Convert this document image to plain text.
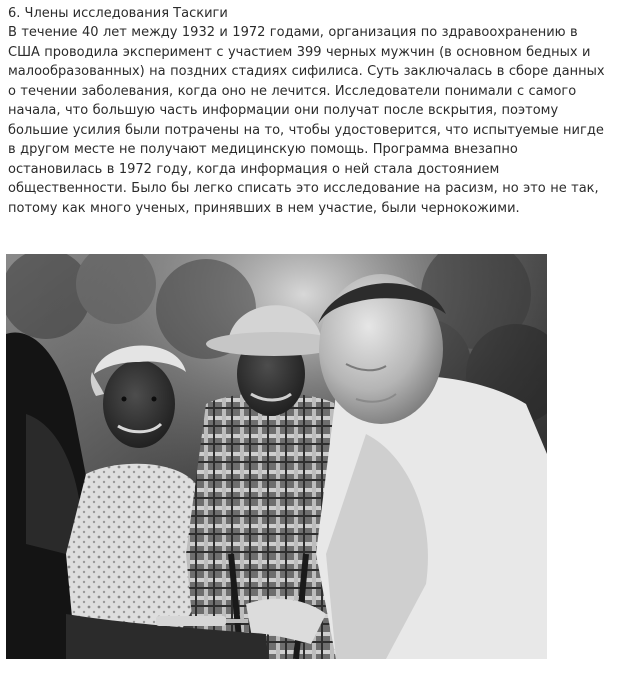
6. Члены исследования Таскиги

В течение 40 лет между 1932 и 1972 годами, организация по здравоохранению в США проводила эксперимент с участием 399 черных мужчин (в основном бедных и малообразованных) на поздних стадиях сифилиса. Суть заключалась в сборе данных о течении заболевания, когда оно не лечится. Исследователи понимали с самого начала, что большую часть информации они получат после вскрытия, поэтому большие усилия были потрачены на то, чтобы удостоверится, что испытуемые нигде в другом месте не получают медицинскую помощь. Программа внезапно остановилась в 1972 году, когда информация о ней стала достоянием общественности. Было бы легко списать это исследование на расизм, но это не так, потому как много ученых, принявших в нем участие, были чернокожими.
